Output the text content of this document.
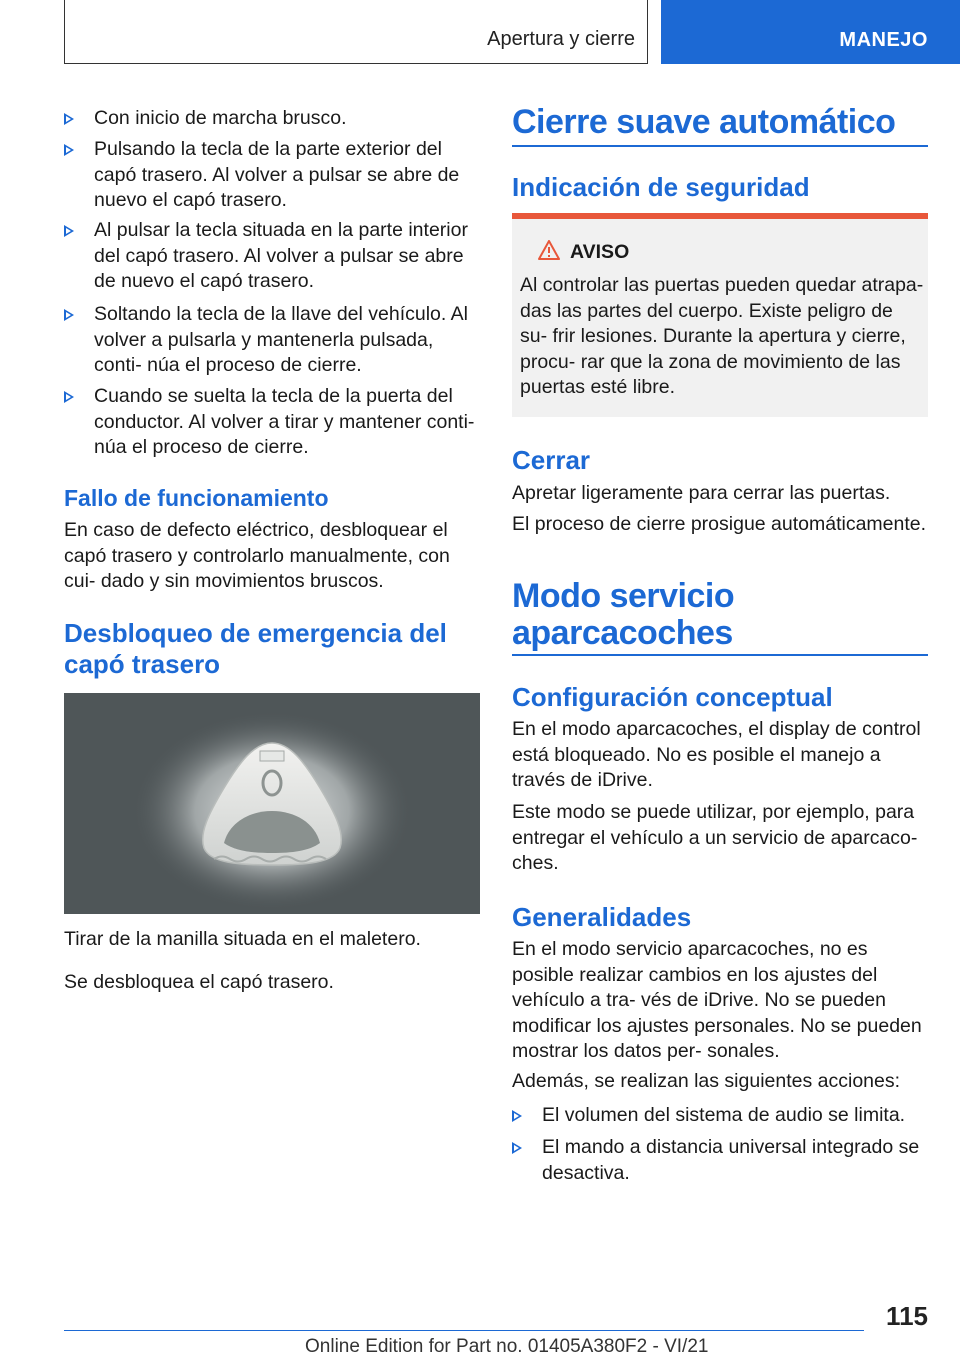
Apertura y cierre	MANEJO
Con inicio de marcha brusco.
Pulsando la tecla de la parte exterior del capó trasero. Al volver a pulsar se abre de nuevo el capó trasero.
Al pulsar la tecla situada en la parte interior del capó trasero. Al volver a pulsar se abre de nuevo el capó trasero.
Soltando la tecla de la llave del vehículo. Al volver a pulsarla y mantenerla pulsada, conti‐ núa el proceso de cierre.
Cuando se suelta la tecla de la puerta del conductor. Al volver a tirar y mantener conti‐ núa el proceso de cierre.
Fallo de funcionamiento

En caso de defecto eléctrico, desbloquear el capó trasero y controlarlo manualmente, con cui‐ dado y sin movimientos bruscos.

Desbloqueo de emergencia del capó trasero

Tirar de la manilla situada en el maletero.

Se desbloquea el capó trasero.

Cierre suave automático
Indicación de seguridad
AVISO

Al controlar las puertas pueden quedar atrapa‐ das las partes del cuerpo. Existe peligro de su‐ frir lesiones. Durante la apertura y cierre, procu‐ rar que la zona de movimiento de las puertas esté libre.

Cerrar

Apretar ligeramente para cerrar las puertas.

El proceso de cierre prosigue automáticamente.

Modo servicio aparcacoches
Configuración conceptual

En el modo aparcacoches, el display de control está bloqueado. No es posible el manejo a través de iDrive.

Este modo se puede utilizar, por ejemplo, para entregar el vehículo a un servicio de aparcaco‐ ches.

Generalidades

En el modo servicio aparcacoches, no es posible realizar cambios en los ajustes del vehículo a tra‐ vés de iDrive. No se pueden modificar los ajustes personales. No se pueden mostrar los datos per‐ sonales.

Además, se realizan las siguientes acciones:

El volumen del sistema de audio se limita.
El mando a distancia universal integrado se desactiva.
115
Online Edition for Part no. 01405A380F2 - VI/21
